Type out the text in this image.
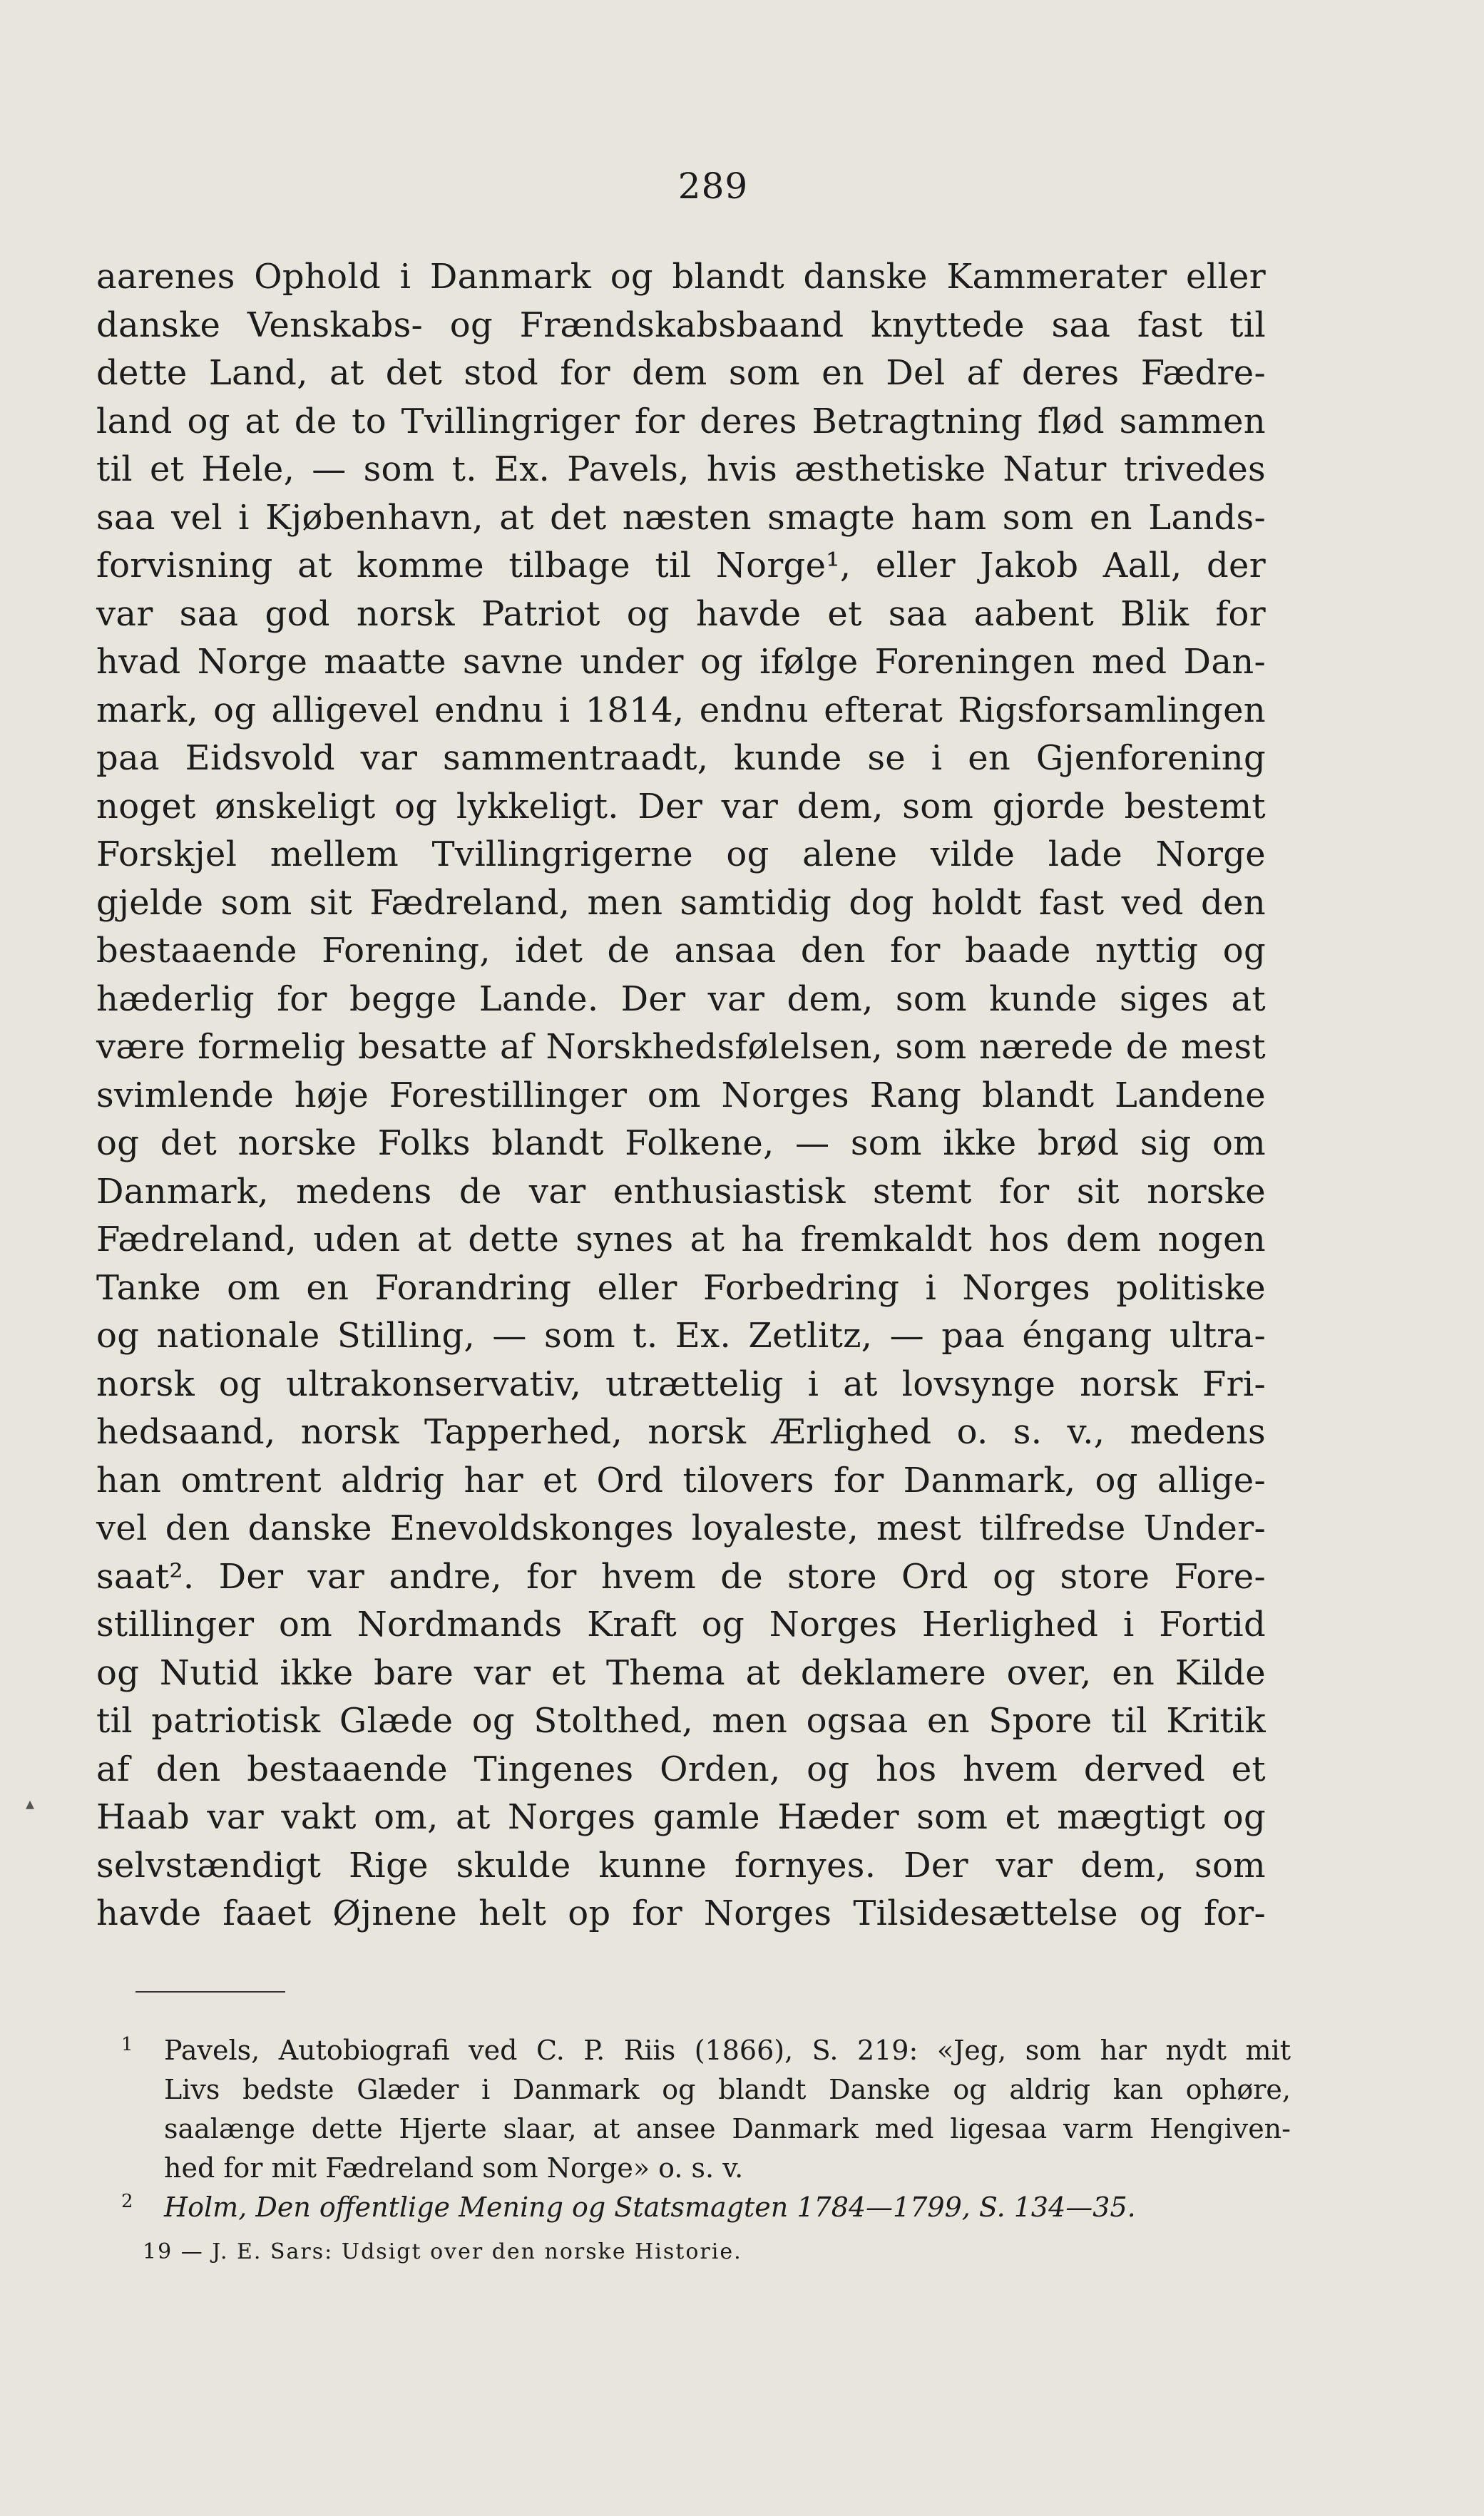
289
aarenes Ophold i Danmark og blandt danske Kammerater eller
danske Venskabs- og Frændskabsbaand knyttede saa fast til
dette Land, at det stod for dem som en Del af deres Fædre-
land og at de to Tvillingriger for deres Betragtning flød sammen
til et Hele, — som t. Ex. Pavels, hvis æsthetiske Natur trivedes
saa vel i Kjøbenhavn, at det næsten smagte ham som en Lands-
forvisning at komme tilbage til Norge¹, eller Jakob Aall, der
var saa god norsk Patriot og havde et saa aabent Blik for
hvad Norge maatte savne under og ifølge Foreningen med Dan-
mark, og alligevel endnu i 1814, endnu efterat Rigsforsamlingen
paa Eidsvold var sammentraadt, kunde se i en Gjenforening
noget ønskeligt og lykkeligt. Der var dem, som gjorde bestemt
Forskjel mellem Tvillingrigerne og alene vilde lade Norge
gjelde som sit Fædreland, men samtidig dog holdt fast ved den
bestaaende Forening, idet de ansaa den for baade nyttig og
hæderlig for begge Lande. Der var dem, som kunde siges at
være formelig besatte af Norskhedsfølelsen, som nærede de mest
svimlende høje Forestillinger om Norges Rang blandt Landene
og det norske Folks blandt Folkene, — som ikke brød sig om
Danmark, medens de var enthusiastisk stemt for sit norske
Fædreland, uden at dette synes at ha fremkaldt hos dem nogen
Tanke om en Forandring eller Forbedring i Norges politiske
og nationale Stilling, — som t. Ex. Zetlitz, — paa éngang ultra-
norsk og ultrakonservativ, utrættelig i at lovsynge norsk Fri-
hedsaand, norsk Tapperhed, norsk Ærlighed o. s. v., medens
han omtrent aldrig har et Ord tilovers for Danmark, og allige-
vel den danske Enevoldskonges loyaleste, mest tilfredse Under-
saat². Der var andre, for hvem de store Ord og store Fore-
stillinger om Nordmands Kraft og Norges Herlighed i Fortid
og Nutid ikke bare var et Thema at deklamere over, en Kilde
til patriotisk Glæde og Stolthed, men ogsaa en Spore til Kritik
af den bestaaende Tingenes Orden, og hos hvem derved et
Haab var vakt om, at Norges gamle Hæder som et mægtigt og
selvstændigt Rige skulde kunne fornyes. Der var dem, som
havde faaet Øjnene helt op for Norges Tilsidesættelse og for-
1 Pavels, Autobiografi ved C. P. Riis (1866), S. 219: «Jeg, som har nydt mit
Livs bedste Glæder i Danmark og blandt Danske og aldrig kan ophøre,
saalænge dette Hjerte slaar, at ansee Danmark med ligesaa varm Hengiven-
hed for mit Fædreland som Norge» o. s. v.
2 Holm, Den offentlige Mening og Statsmagten 1784—1799, S. 134—35.
19 — J. E. Sars: Udsigt over den norske Historie.
▴
